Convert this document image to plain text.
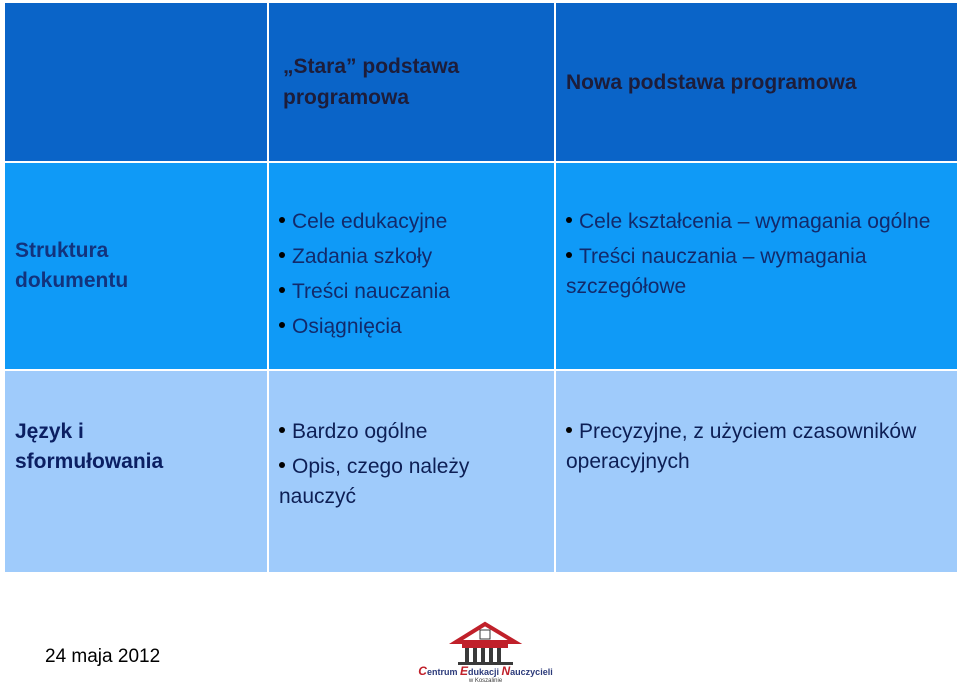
„Stara” podstawa programowa
Nowa podstawa programowa
Struktura dokumentu
Cele edukacyjne
Zadania szkoły
Treści nauczania
Osiągnięcia
Cele kształcenia – wymagania ogólne
Treści nauczania – wymagania szczegółowe
Język i sformułowania
Bardzo ogólne
Opis, czego należy nauczyć
Precyzyjne, z użyciem czasowników operacyjnych
24 maja 2012
Centrum Edukacji Nauczycieli
w Koszalinie
